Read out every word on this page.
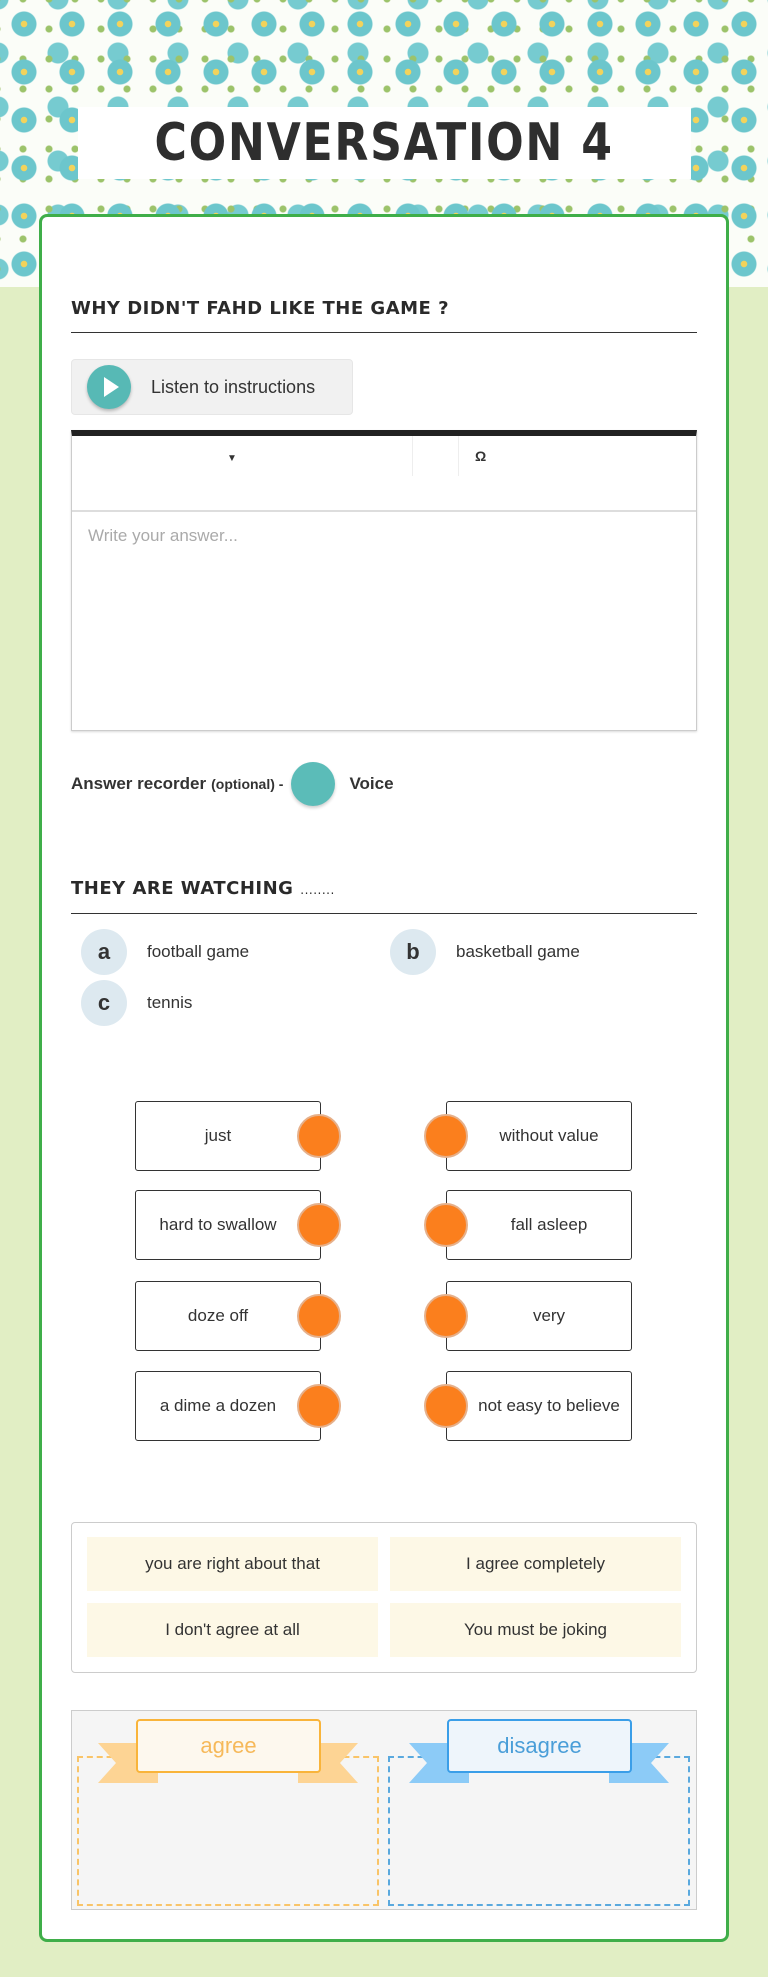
CONVERSATION 4
WHY DIDN'T FAHD LIKE THE GAME ?
Listen to instructions
▼	Ω
Write your answer...
Answer recorder (optional) -	Voice
THEY ARE WATCHING ........
a	football game	b	basketball game
c	tennis
just	without value
hard to swallow	fall asleep
doze off	very
a dime a dozen	not easy to believe
you are right about that	I agree completely
I don't agree at all	You must be joking
agree	disagree
